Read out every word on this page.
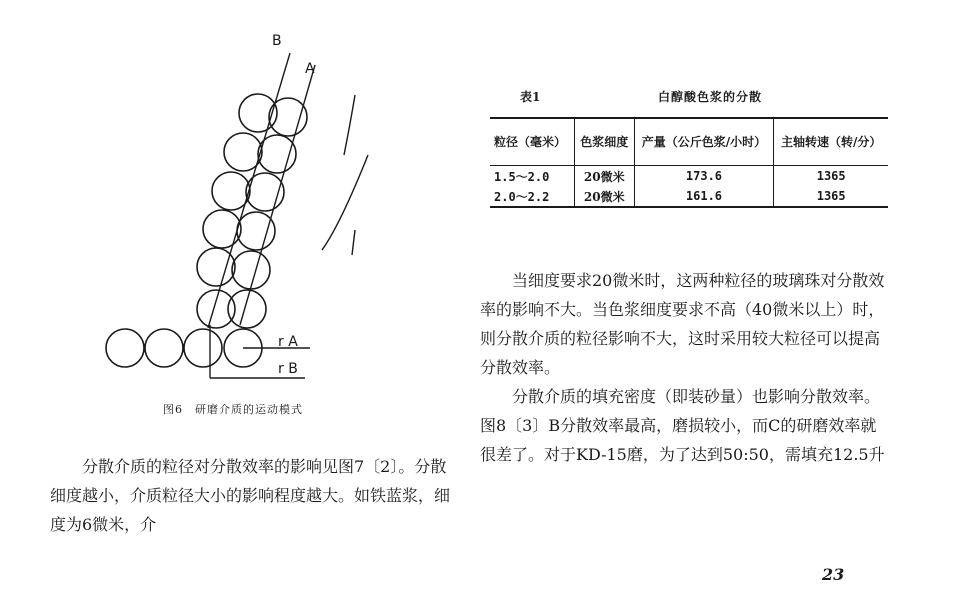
B
A
r A
r B
图6　研磨介质的运动模式

分散介质的粒径对分散效率的影响见图7〔2〕。分散细度越小，介质粒径大小的影响程度越大。如铁蓝浆，细度为6微米，介

表1	白醇酸色浆的分散
粒径（毫米）	色浆细度	产量（公斤色浆/小时）	主轴转速（转/分）
1.5～2.0	20微米	173.6	1365
2.0～2.2	20微米	161.6	1365

当细度要求20微米时，这两种粒径的玻璃珠对分散效率的影响不大。当色浆细度要求不高（40微米以上）时，则分散介质的粒径影响不大，这时采用较大粒径可以提高分散效率。

分散介质的填充密度（即装砂量）也影响分散效率。图8〔3〕B分散效率最高，磨损较小，而C的研磨效率就很差了。对于KD-15磨，为了达到50:50，需填充12.5升

23
